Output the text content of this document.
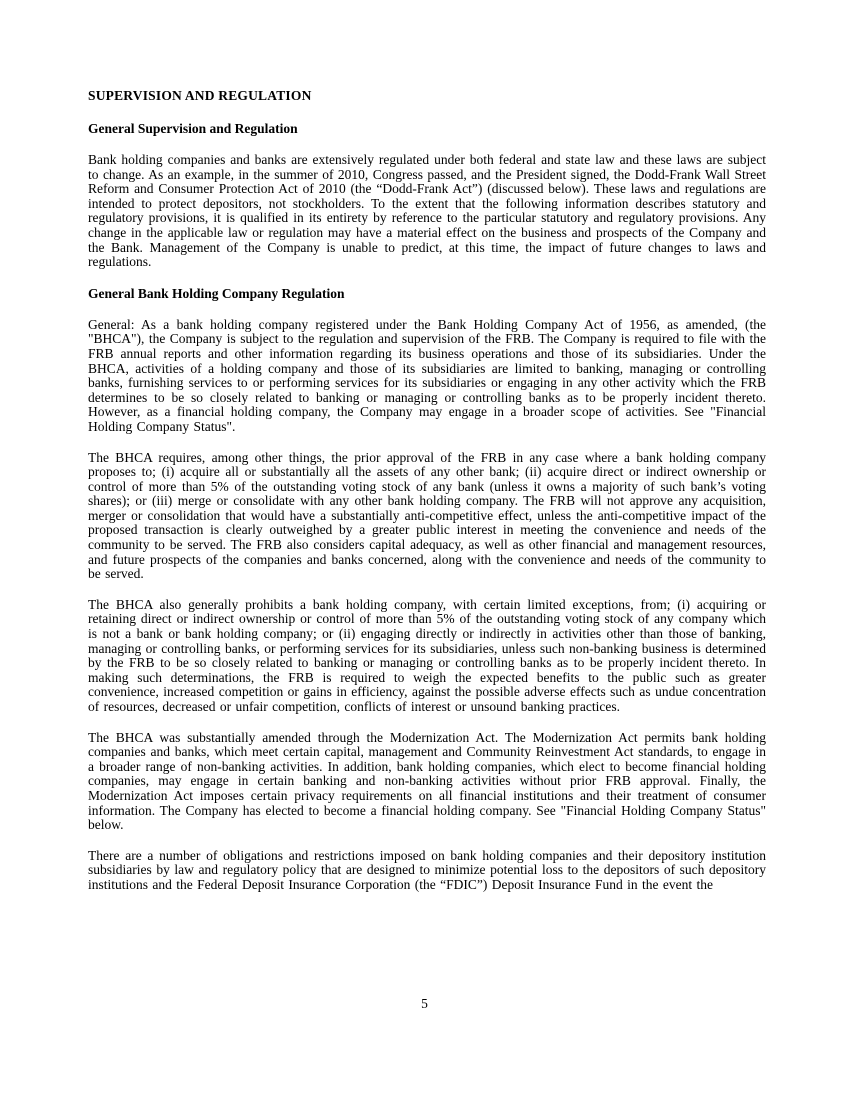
SUPERVISION AND REGULATION
General Supervision and Regulation

Bank holding companies and banks are extensively regulated under both federal and state law and these laws are subject to change. As an example, in the summer of 2010, Congress passed, and the President signed, the Dodd-Frank Wall Street Reform and Consumer Protection Act of 2010 (the “Dodd-Frank Act”) (discussed below). These laws and regulations are intended to protect depositors, not stockholders. To the extent that the following information describes statutory and regulatory provisions, it is qualified in its entirety by reference to the particular statutory and regulatory provisions. Any change in the applicable law or regulation may have a material effect on the business and prospects of the Company and the Bank. Management of the Company is unable to predict, at this time, the impact of future changes to laws and regulations.

General Bank Holding Company Regulation

General: As a bank holding company registered under the Bank Holding Company Act of 1956, as amended, (the "BHCA"), the Company is subject to the regulation and supervision of the FRB. The Company is required to file with the FRB annual reports and other information regarding its business operations and those of its subsidiaries. Under the BHCA, activities of a holding company and those of its subsidiaries are limited to banking, managing or controlling banks, furnishing services to or performing services for its subsidiaries or engaging in any other activity which the FRB determines to be so closely related to banking or managing or controlling banks as to be properly incident thereto. However, as a financial holding company, the Company may engage in a broader scope of activities. See "Financial Holding Company Status".

The BHCA requires, among other things, the prior approval of the FRB in any case where a bank holding company proposes to; (i) acquire all or substantially all the assets of any other bank; (ii) acquire direct or indirect ownership or control of more than 5% of the outstanding voting stock of any bank (unless it owns a majority of such bank’s voting shares); or (iii) merge or consolidate with any other bank holding company. The FRB will not approve any acquisition, merger or consolidation that would have a substantially anti-competitive effect, unless the anti-competitive impact of the proposed transaction is clearly outweighed by a greater public interest in meeting the convenience and needs of the community to be served. The FRB also considers capital adequacy, as well as other financial and management resources, and future prospects of the companies and banks concerned, along with the convenience and needs of the community to be served.

The BHCA also generally prohibits a bank holding company, with certain limited exceptions, from; (i) acquiring or retaining direct or indirect ownership or control of more than 5% of the outstanding voting stock of any company which is not a bank or bank holding company; or (ii) engaging directly or indirectly in activities other than those of banking, managing or controlling banks, or performing services for its subsidiaries, unless such non-banking business is determined by the FRB to be so closely related to banking or managing or controlling banks as to be properly incident thereto. In making such determinations, the FRB is required to weigh the expected benefits to the public such as greater convenience, increased competition or gains in efficiency, against the possible adverse effects such as undue concentration of resources, decreased or unfair competition, conflicts of interest or unsound banking practices.

The BHCA was substantially amended through the Modernization Act. The Modernization Act permits bank holding companies and banks, which meet certain capital, management and Community Reinvestment Act standards, to engage in a broader range of non-banking activities. In addition, bank holding companies, which elect to become financial holding companies, may engage in certain banking and non-banking activities without prior FRB approval. Finally, the Modernization Act imposes certain privacy requirements on all financial institutions and their treatment of consumer information. The Company has elected to become a financial holding company. See "Financial Holding Company Status" below.

There are a number of obligations and restrictions imposed on bank holding companies and their depository institution subsidiaries by law and regulatory policy that are designed to minimize potential loss to the depositors of such depository institutions and the Federal Deposit Insurance Corporation (the “FDIC”) Deposit Insurance Fund in the event the

5
